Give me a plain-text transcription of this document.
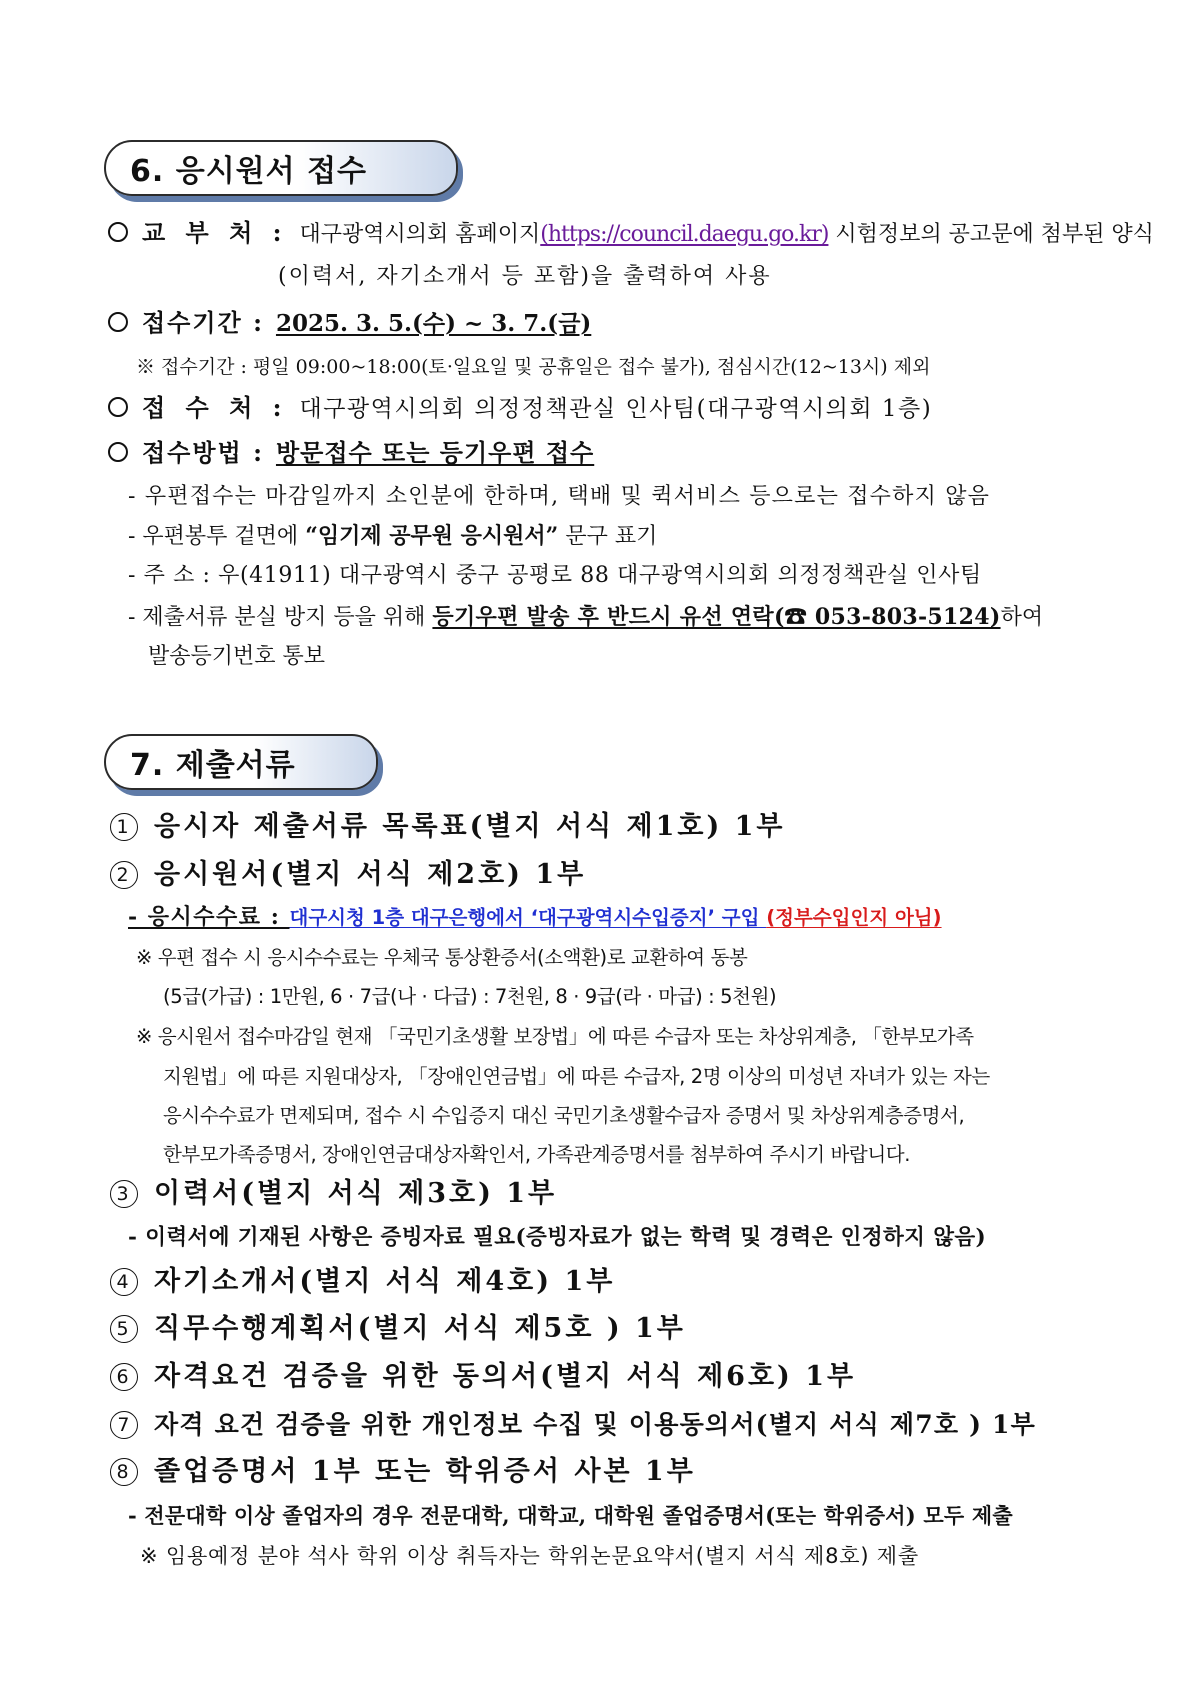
6. 응시원서 접수
교 부 처 : 대구광역시의회 홈페이지(https://council.daegu.go.kr) 시험정보의 공고문에 첨부된 양식
(이력서, 자기소개서 등 포함)을 출력하여 사용
접수기간 : 2025. 3. 5.(수) ~ 3. 7.(금)
※ 접수기간 : 평일 09:00~18:00(토·일요일 및 공휴일은 접수 불가), 점심시간(12~13시) 제외
접 수 처 : 대구광역시의회 의정정책관실 인사팀(대구광역시의회 1층)
접수방법 : 방문접수 또는 등기우편 접수
- 우편접수는 마감일까지 소인분에 한하며, 택배 및 퀵서비스 등으로는 접수하지 않음
- 우편봉투 겉면에 “임기제 공무원 응시원서” 문구 표기
- 주 소 : 우(41911) 대구광역시 중구 공평로 88 대구광역시의회 의정정책관실 인사팀
- 제출서류 분실 방지 등을 위해 등기우편 발송 후 반드시 유선 연락(☎ 053-803-5124)하여
발송등기번호 통보
7. 제출서류
1 응시자 제출서류 목록표(별지 서식 제1호) 1부
2 응시원서(별지 서식 제2호) 1부
- 응시수수료 : 대구시청 1층 대구은행에서 ‘대구광역시수입증지’ 구입 (정부수입인지 아님)
※ 우편 접수 시 응시수수료는 우체국 통상환증서(소액환)로 교환하여 동봉
(5급(가급) : 1만원, 6 · 7급(나 · 다급) : 7천원, 8 · 9급(라 · 마급) : 5천원)
※ 응시원서 접수마감일 현재 「국민기초생활 보장법」에 따른 수급자 또는 차상위계층, 「한부모가족
지원법」에 따른 지원대상자, 「장애인연금법」에 따른 수급자, 2명 이상의 미성년 자녀가 있는 자는
응시수수료가 면제되며, 접수 시 수입증지 대신 국민기초생활수급자 증명서 및 차상위계층증명서,
한부모가족증명서, 장애인연금대상자확인서, 가족관계증명서를 첨부하여 주시기 바랍니다.
3 이력서(별지 서식 제3호) 1부
- 이력서에 기재된 사항은 증빙자료 필요(증빙자료가 없는 학력 및 경력은 인정하지 않음)
4 자기소개서(별지 서식 제4호) 1부
5 직무수행계획서(별지 서식 제5호 ) 1부
6 자격요건 검증을 위한 동의서(별지 서식 제6호) 1부
7 자격 요건 검증을 위한 개인정보 수집 및 이용동의서(별지 서식 제7호 ) 1부
8 졸업증명서 1부 또는 학위증서 사본 1부
- 전문대학 이상 졸업자의 경우 전문대학, 대학교, 대학원 졸업증명서(또는 학위증서) 모두 제출
※ 임용예정 분야 석사 학위 이상 취득자는 학위논문요약서(별지 서식 제8호) 제출
